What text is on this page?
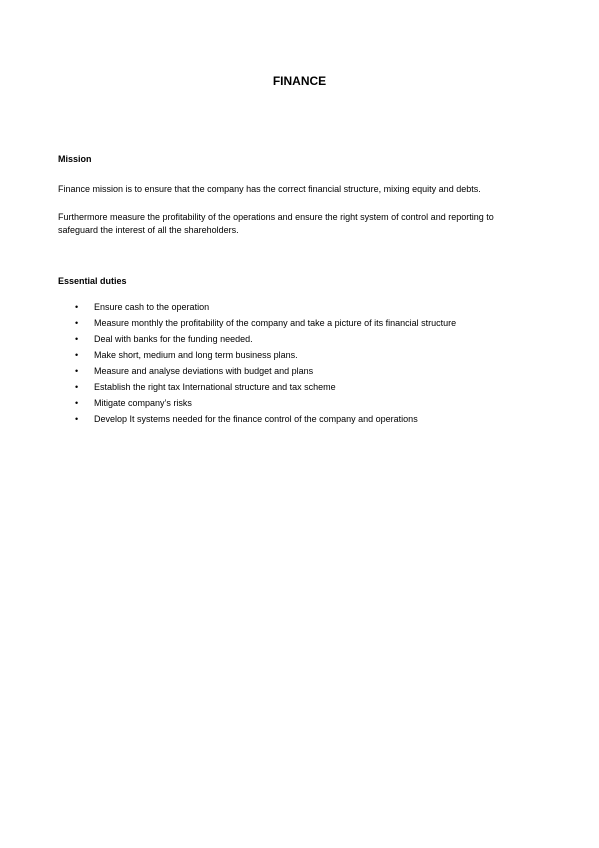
FINANCE
Mission
Finance mission is to ensure that the company has the correct financial structure, mixing equity and debts.
Furthermore measure the profitability of the operations and ensure the right system of control and reporting to safeguard the interest of all the shareholders.
Essential duties
• Ensure cash to the operation
• Measure monthly the profitability of the company and take a picture of its financial structure
• Deal with banks for the funding needed.
• Make short, medium and long term business plans.
• Measure and analyse deviations with budget and plans
• Establish the right tax International structure and tax scheme
• Mitigate company’s risks
• Develop It systems needed for the finance control of the company and operations
